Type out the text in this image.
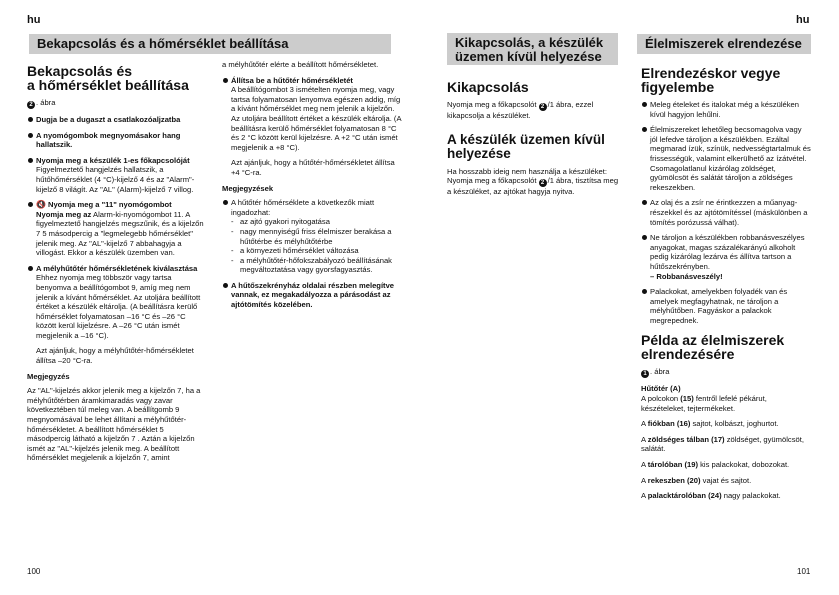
hu
Bekapcsolás és a hőmérséklet beállítása
Bekapcsolás és
a hőmérséklet beállítása
2 . ábra
Dugja be a dugaszt a csatlakozóaljzatba
A nyomógombok megnyomásakor hang hallatszik.
Nyomja meg a készülék 1-es főkapcsolóját
Figyelmeztető hangjelzés hallatszik, a hűtőhőmérséklet (4 °C)-kijelző 4 és az "Alarm"-kijelző 8 világít. Az "AL" (Alarm)-kijelző 7 villog.
🔇 Nyomja meg a "11" nyomógombot
Nyomja meg az Alarm-ki-nyomógombot 11. A figyelmeztető hangjelzés megszűnik, és a kijelzőn 7 5 másodpercig a "legmelegebb hőmérséklet" jelenik meg. Az "AL"-kijelző 7 abbahagyja a villogást. Ekkor a készülék üzemben van.
A mélyhűtőtér hőmérsékletének kiválasztása
Ehhez nyomja meg többször vagy tartsa benyomva a beállítógombot 9, amíg meg nem jelenik a kívánt hőmérséklet. Az utoljára beállított értéket a készülék eltárolja. (A beállításra kerülő hőmérséklet folyamatosan –16 °C és –26 °C között kerül kijelzésre. A –26 °C után ismét megjelenik a –16 °C).
Azt ajánljuk, hogy a mélyhűtőtér-hőmérsékletet állítsa –20 °C-ra.
Megjegyzés
Az "AL"-kijelzés akkor jelenik meg a kijelzőn 7, ha a mélyhűtőtérben áramkimaradás vagy zavar következtében túl meleg van. A beállítgomb 9 megnyomásával be lehet állítani a mélyhűtőtér-hőmérsékletet. A beállított hőmérséklet 5 másodpercig látható a kijelzőn 7 . Aztán a kijelzőn ismét az "AL"-kijelzés jelenik meg. A beállított hőmérséklet megjelenik a kijelzőn 7, amint
a mélyhűtőtér elérte a beállított hőmérsékletet.
Állítsa be a hűtőtér hőmérsékletét
A beállítógombot 3 ismételten nyomja meg, vagy tartsa folyamatosan lenyomva egészen addig, míg a kívánt hőmérséklet meg nem jelenik a kijelzőn. Az utoljára beállított értéket a készülék eltárolja. (A beállításra kerülő hőmérséklet folyamatosan 8 °C és 2 °C között kerül kijelzésre. A +2 °C után ismét megjelenik a +8 °C).
Azt ajánljuk, hogy a hűtőtér-hőmérsékletet állítsa +4 °C-ra.
Megjegyzések
A hűtőtér hőmérséklete a következők miatt ingadozhat:
- az ajtó gyakori nyitogatása
- nagy mennyiségű friss élelmiszer berakása a hűtőtérbe és mélyhűtőtérbe
- a környezeti hőmérséklet változása
- a mélyhűtőtér-hőfokszabályozó beállításának megváltoztatása vagy gyorsfagyasztás.
A hűtőszekrényház oldalai részben melegítve vannak, ez megakadályozza a párásodást az ajtótömítés közelében.
100
hu
Kikapcsolás, a készülék
üzemen kívül helyezése
Kikapcsolás
Nyomja meg a főkapcsolót 2 /1 ábra, ezzel kikapcsolja a készüléket.
A készülék üzemen kívül
helyezése
Ha hosszabb ideig nem használja a készüléket:
Nyomja meg a főkapcsolót 2 /1 ábra, tisztítsa meg a készüléket, az ajtókat hagyja nyitva.
Élelmiszerek elrendezése
Elrendezéskor vegye
figyelembe
Meleg ételeket és italokat még a készüléken kívül hagyjon lehűlni.
Élelmiszereket lehetőleg becsomagolva vagy jól lefedve tároljon a készülékben. Ezáltal megmarad ízük, színük, nedvességtartalmuk és frissességük, valamint elkerülhető az ízátvétel. Csomagolatlanul kizárólag zöldséget, gyümölcsöt és salátát tároljon a zöldséges rekeszekben.
Az olaj és a zsír ne érintkezzen a műanyag-részekkel és az ajtótömítéssel (máskülönben a tömítés porózussá válhat).
Ne tároljon a készülékben robbanásveszélyes anyagokat, magas százalékarányú alkoholt pedig kizárólag lezárva és állítva tartson a hűtőszekrényben.
– Robbanásveszély!
Palackokat, amelyekben folyadék van és amelyek megfagyhatnak, ne tároljon a mélyhűtőben. Fagyáskor a palackok megrepednek.
Példa az élelmiszerek
elrendezésére
1 . ábra
Hűtőtér (A)
A polcokon (15) fentről lefelé pékárut, készételeket, tejtermékeket.
A fiókban (16) sajtot, kolbászt, joghurtot.
A zöldséges tálban (17) zöldséget, gyümölcsöt, salátát.
A tárolóban (19) kis palackokat, dobozokat.
A rekeszben (20) vajat és sajtot.
A palacktárolóban (24) nagy palackokat.
101
